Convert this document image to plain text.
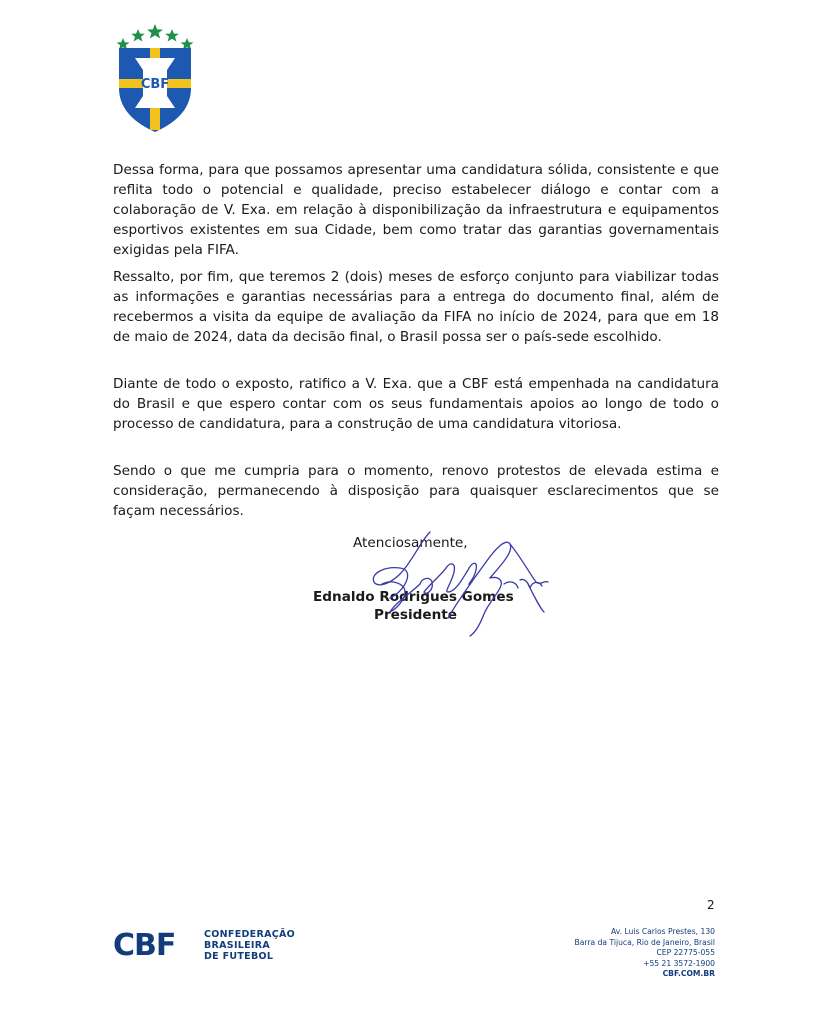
CBF

Dessa forma, para que possamos apresentar uma candidatura sólida, consistente e que reflita todo o potencial e qualidade, preciso estabelecer diálogo e contar com a colaboração de V. Exa. em relação à disponibilização da infraestrutura e equipamentos esportivos existentes em sua Cidade, bem como tratar das garantias governamentais exigidas pela FIFA.

Ressalto, por fim, que teremos 2 (dois) meses de esforço conjunto para viabilizar todas as informações e garantias necessárias para a entrega do documento final, além de recebermos a visita da equipe de avaliação da FIFA no início de 2024, para que em 18 de maio de 2024, data da decisão final, o Brasil possa ser o país-sede escolhido.

Diante de todo o exposto, ratifico a V. Exa. que a CBF está empenhada na candidatura do Brasil e que espero contar com os seus fundamentais apoios ao longo de todo o processo de candidatura, para a construção de uma candidatura vitoriosa.

Sendo o que me cumpria para o momento, renovo protestos de elevada estima e consideração, permanecendo à disposição para quaisquer esclarecimentos que se façam necessários.

Atenciosamente,
Ednaldo Rodrigues Gomes
Presidente
2
CBF	CONFEDERAÇÃO
BRASILEIRA
DE FUTEBOL
Av. Luis Carlos Prestes, 130
Barra da Tijuca, Rio de Janeiro, Brasil
CEP 22775-055
+55 21 3572-1900
CBF.COM.BR
